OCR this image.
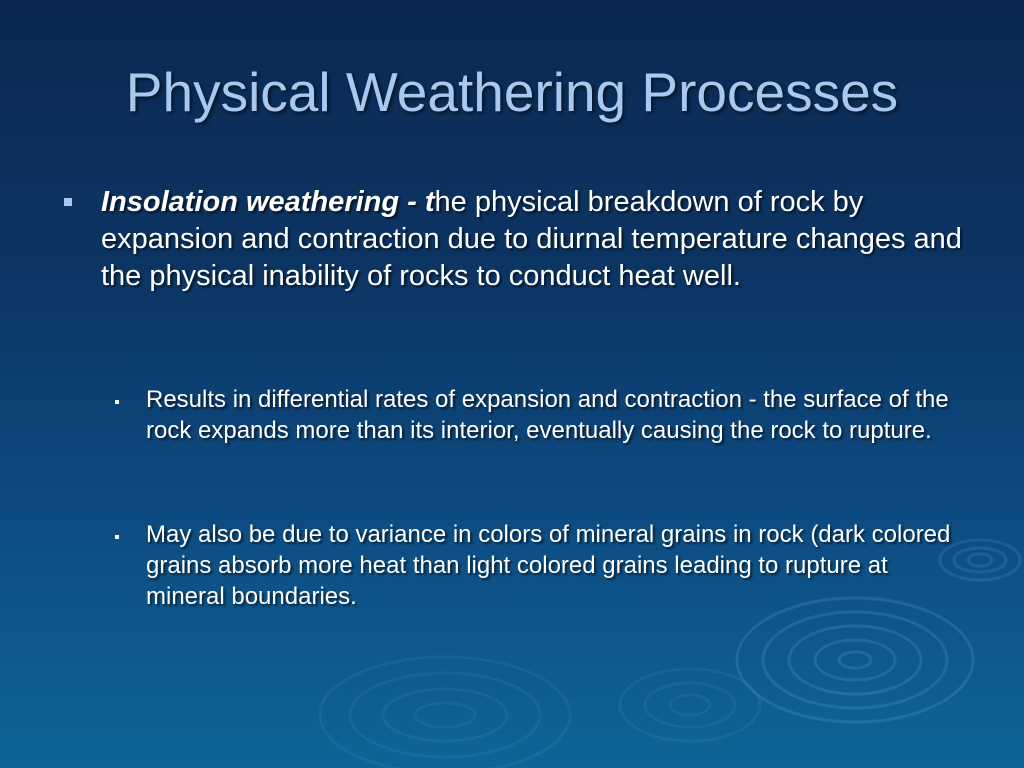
Physical Weathering Processes
Insolation weathering - the physical breakdown of rock by expansion and contraction due to diurnal temperature changes and the physical inability of rocks to conduct heat well.
Results in differential rates of expansion and contraction - the surface of the rock expands more than its interior, eventually causing the rock to rupture.
May also be due to variance in colors of mineral grains in rock (dark colored grains absorb more heat than light colored grains leading to rupture at mineral boundaries.
